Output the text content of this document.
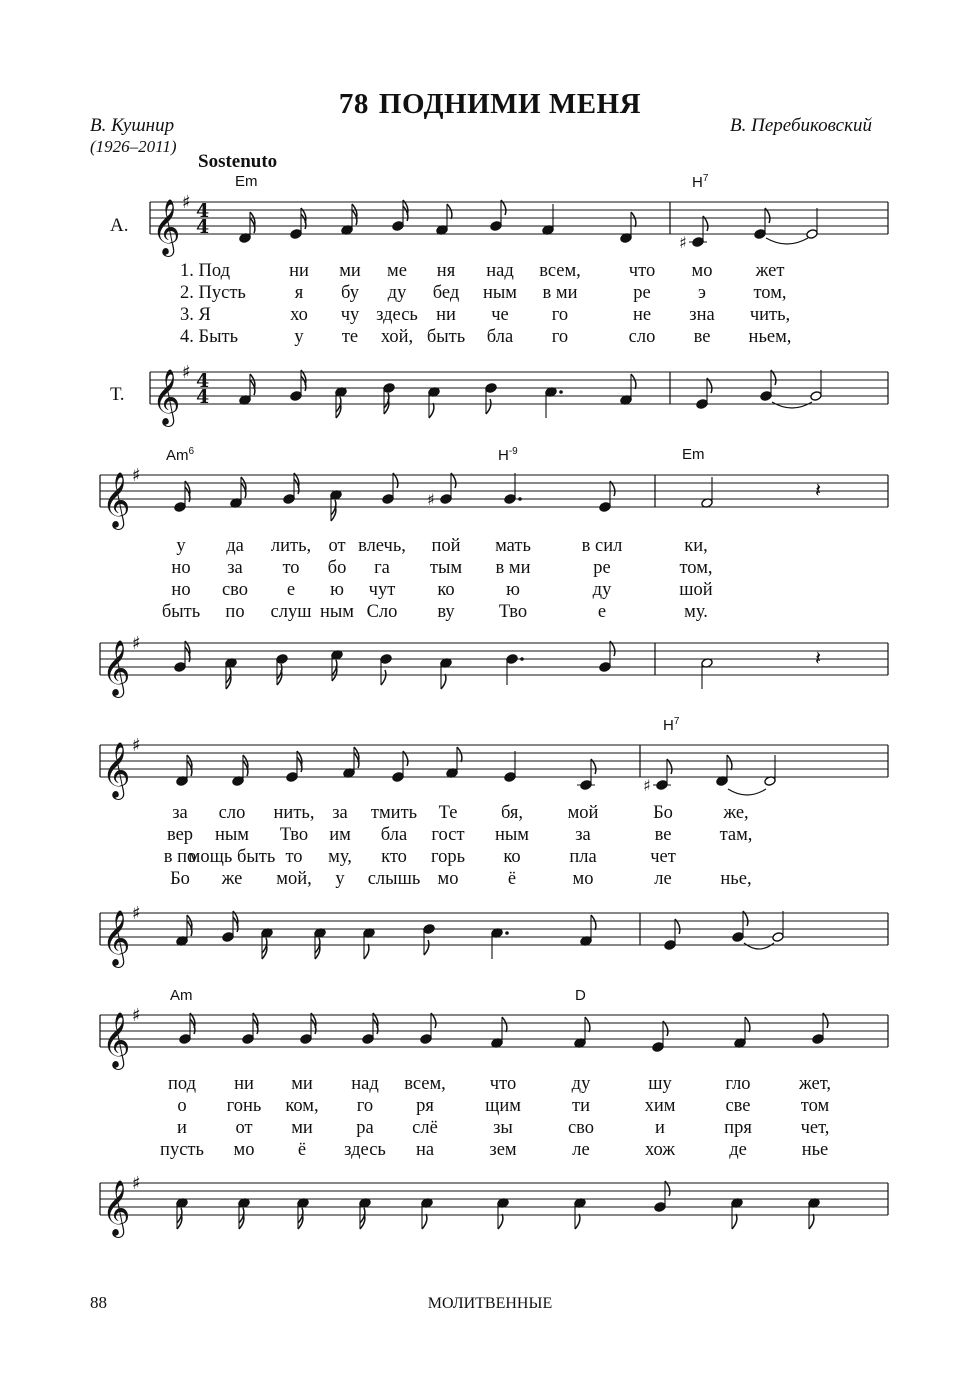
78 ПОДНИМИ МЕНЯ
В. Кушнир
(1926–2011)
В. Перебиковский
Sostenuto
А.
Т.
Em	$H^7$
Am$^6$	$H^{-9}$	Em
$H^7$
Am	D
𝄞 ♯ 4
4
𝄞 ♯ 4
4
♯
𝄞 ♯
𝄞 ♯
♯	𝄽
𝄽
𝄞 ♯
𝄞 ♯
♯
𝄞 ♯
𝄞 ♯
1. Под	ни ми ме ня над всем,	что мо жет
2. Пусть	я бу ду бед ным в ми	ре	э	том,
3. Я	хо чу здесь ни че го	не зна чить,
4. Быть	у те хой, быть бла го	сло ве ньем,
у да лить, от влечь, пой мать	в сил	ки,
но за то бо га тым в ми	ре	том,
но сво е ю чут ко	ю	ду	шой
быть по слуш ным Сло ву Тво	е	му.
за сло нить, за тмить Те бя, мой	Бо	же,
вер ным Тво им бла гост ным за	ве	там,
в по
мощь быть то му, кто горь ко	пла	чет
Бо же мой, у слышь мо	ё	мо	ле	нье,
под ни ми над всем, что	ду	шу	гло	жет,
о гонь ком, го ря	щим	ти	хим	све	том
и	от ми ра слё	зы	сво	и	пря	чет,
пусть мо ё здесь на	зем	ле	хож	де	нье
88	МОЛИТВЕННЫЕ
